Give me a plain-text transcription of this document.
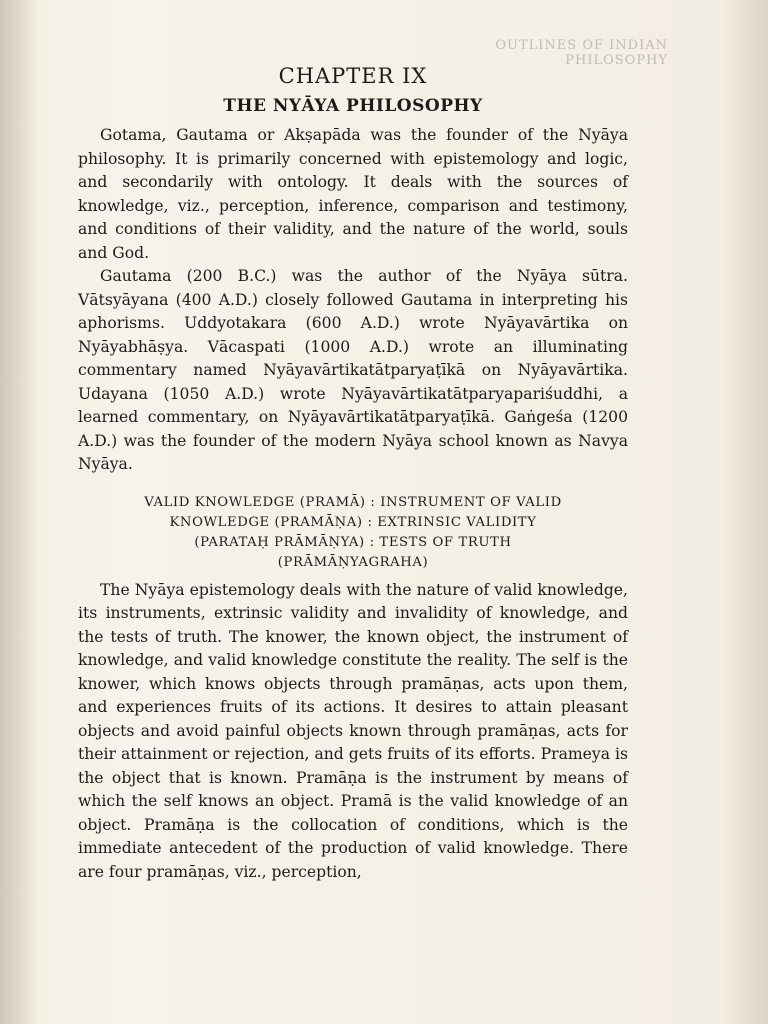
OUTLINES OF INDIAN PHILOSOPHY
CHAPTER IX
THE NYĀYA PHILOSOPHY

Gotama, Gautama or Akṣapāda was the founder of the Nyāya philosophy. It is primarily concerned with epistemology and logic, and secondarily with ontology. It deals with the sources of knowledge, viz., perception, inference, comparison and testimony, and conditions of their validity, and the nature of the world, souls and God.

Gautama (200 B.C.) was the author of the Nyāya sūtra. Vātsyāyana (400 A.D.) closely followed Gautama in interpreting his aphorisms. Uddyotakara (600 A.D.) wrote Nyāyavārtika on Nyāyabhāṣya. Vācaspati (1000 A.D.) wrote an illuminating commentary named Nyāyavārtikatātparyaṭīkā on Nyāyavārtika. Udayana (1050 A.D.) wrote Nyāyavārtikatātparyapariśuddhi, a learned commentary, on Nyāyavārtikatātparyaṭīkā. Gaṅgeśa (1200 A.D.) was the founder of the modern Nyāya school known as Navya Nyāya.

VALID KNOWLEDGE (PRAMĀ) : INSTRUMENT OF VALID
KNOWLEDGE (PRAMĀṆA) : EXTRINSIC VALIDITY
(PARATAḤ PRĀMĀṆYA) : TESTS OF TRUTH
(PRĀMĀṆYAGRAHA)

The Nyāya epistemology deals with the nature of valid knowledge, its instruments, extrinsic validity and invalidity of knowledge, and the tests of truth. The knower, the known object, the instrument of knowledge, and valid knowledge constitute the reality. The self is the knower, which knows objects through pramāṇas, acts upon them, and experiences fruits of its actions. It desires to attain pleasant objects and avoid painful objects known through pramāṇas, acts for their attainment or rejection, and gets fruits of its efforts. Prameya is the object that is known. Pramāṇa is the instrument by means of which the self knows an object. Pramā is the valid knowledge of an object. Pramāṇa is the collocation of conditions, which is the immediate antecedent of the production of valid knowledge. There are four pramāṇas, viz., perception,
